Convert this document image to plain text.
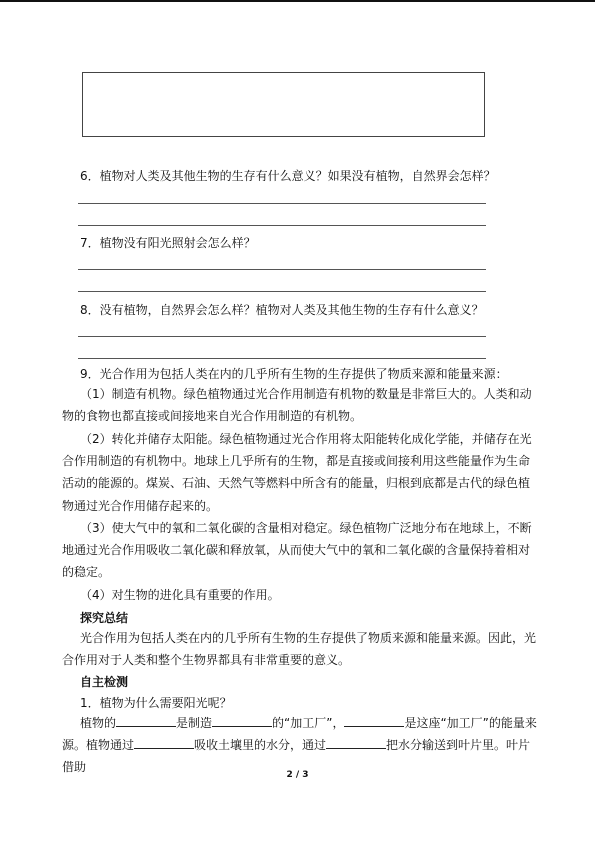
6．植物对人类及其他生物的生存有什么意义？如果没有植物，自然界会怎样？
7．植物没有阳光照射会怎么样？
8．没有植物，自然界会怎么样？植物对人类及其他生物的生存有什么意义？
9．光合作用为包括人类在内的几乎所有生物的生存提供了物质来源和能量来源：
（1）制造有机物。绿色植物通过光合作用制造有机物的数量是非常巨大的。人类和动物的食物也都直接或间接地来自光合作用制造的有机物。
（2）转化并储存太阳能。绿色植物通过光合作用将太阳能转化成化学能，并储存在光合作用制造的有机物中。地球上几乎所有的生物，都是直接或间接利用这些能量作为生命活动的能源的。煤炭、石油、天然气等燃料中所含有的能量，归根到底都是古代的绿色植物通过光合作用储存起来的。
（3）使大气中的氧和二氧化碳的含量相对稳定。绿色植物广泛地分布在地球上，不断地通过光合作用吸收二氧化碳和释放氧，从而使大气中的氧和二氧化碳的含量保持着相对的稳定。
（4）对生物的进化具有重要的作用。
探究总结
光合作用为包括人类在内的几乎所有生物的生存提供了物质来源和能量来源。因此，光合作用对于人类和整个生物界都具有非常重要的意义。
自主检测
1．植物为什么需要阳光呢？
植物的	是制造	的“加工厂”，	是这座“加工厂”的能量来源。植物通过	吸收土壤里的水分，通过	把水分输送到叶片里。叶片借助
2 / 3
